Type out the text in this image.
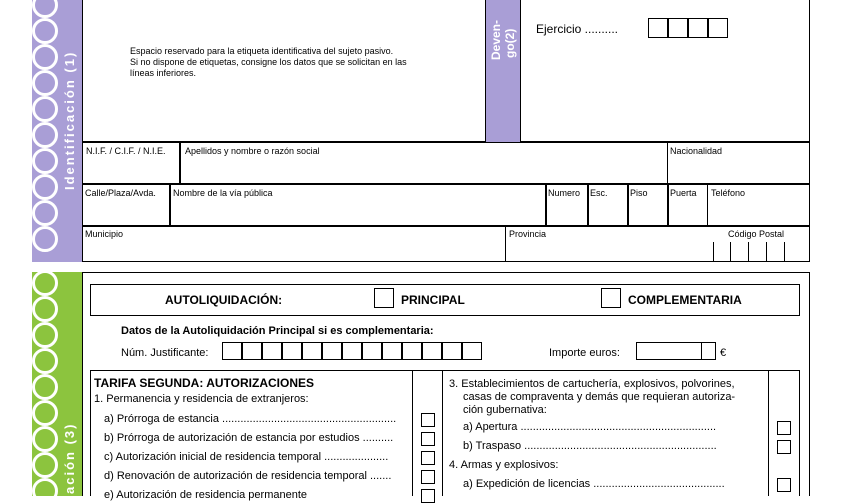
Identificación (1)	Espacio reservado para la etiqueta identificativa del sujeto pasivo.
Si no dispone de etiquetas, consigne los datos que se solicitan en las
líneas inferiores.
Deven- go(2) Ejercicio ..........
N.I.F. / C.I.F. / N.I.E. Apellidos y nombre o razón social	Nacionalidad
Calle/Plaza/Avda. Nombre de la vía pública	Numero Esc. Piso Puerta Teléfono
Municipio	Provincia	Código Postal
ación (3)
AUTOLIQUIDACIÓN:	PRINCIPAL	COMPLEMENTARIA
Datos de la Autoliquidación Principal si es complementaria:
Núm. Justificante:	Importe euros:	€
TARIFA SEGUNDA: AUTORIZACIONES
1. Permanencia y residencia de extranjeros:
a) Prórroga de estancia .........................................................
b) Prórroga de autorización de estancia por estudios ..........
c) Autorización inicial de residencia temporal .....................
d) Renovación de autorización de residencia temporal .......
e) Autorización de residencia permanente
3. Establecimientos de cartuchería, explosivos, polvorines,
casas de compraventa y demás que requieran autoriza-
ción gubernativa:
a) Apertura ................................................................
b) Traspaso ...............................................................
4. Armas y explosivos:
a) Expedición de licencias ...........................................
